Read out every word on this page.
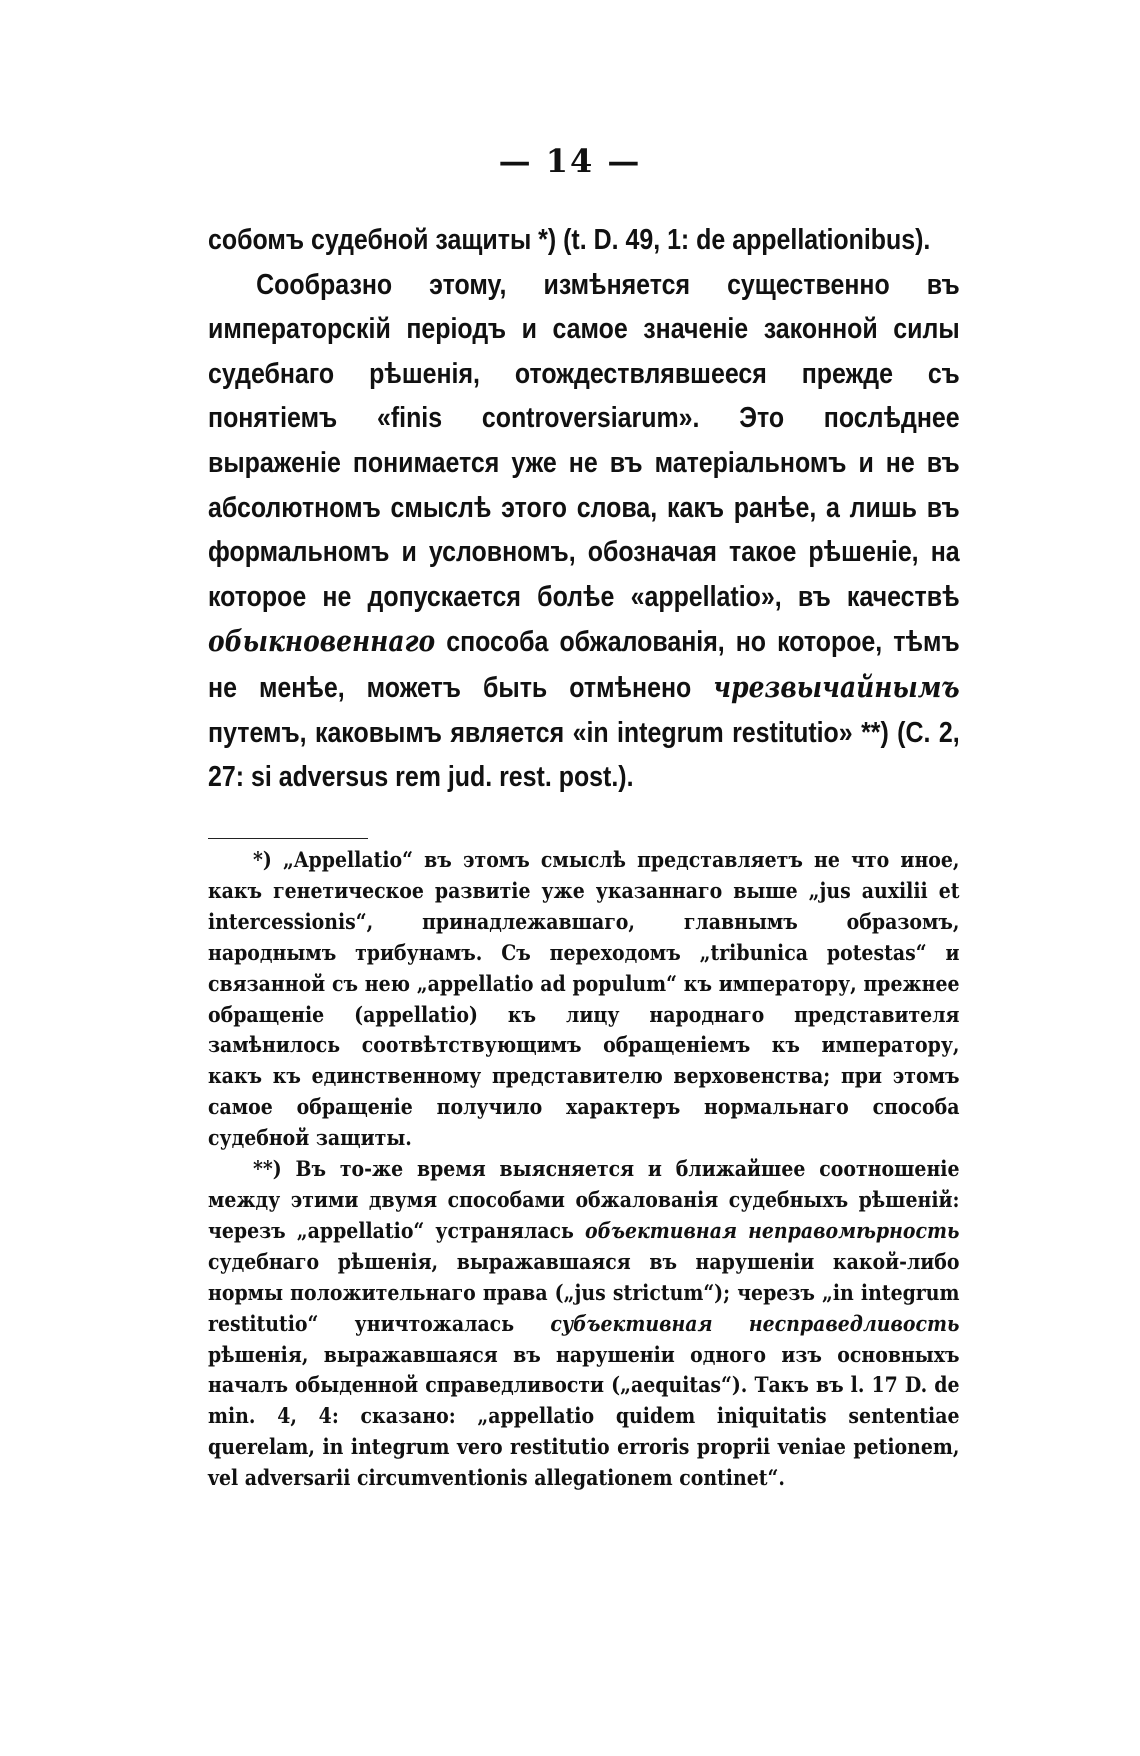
— 14 —

собомъ судебной защиты *) (t. D. 49, 1: de appellationibus).

Сообразно этому, измѣняется существенно въ императорскій періодъ и самое значеніе законной силы судебнаго рѣшенія, отождествлявшееся прежде съ понятіемъ «finis controversiarum». Это послѣднее выраженіе понимается уже не въ матеріальномъ и не въ абсолютномъ смыслѣ этого слова, какъ ранѣе, а лишь въ формальномъ и условномъ, обозначая такое рѣшеніе, на которое не допускается болѣе «appellatio», въ качествѣ обыкновеннаго способа обжалованія, но которое, тѣмъ не менѣе, можетъ быть отмѣнено чрезвычайнымъ путемъ, каковымъ является «in integrum restitutio» **) (C. 2, 27: si adversus rem jud. rest. post.).

*) „Appellatio“ въ этомъ смыслѣ представляетъ не что иное, какъ генетическое развитіе уже указаннаго выше „jus auxilii et intercessionis“, принадлежавшаго, главнымъ образомъ, народнымъ трибунамъ. Съ переходомъ „tribunica potestas“ и связанной съ нею „appellatio ad populum“ къ императору, прежнее обращеніе (appellatio) къ лицу народнаго представителя замѣнилось соотвѣтствующимъ обращеніемъ къ императору, какъ къ единственному представителю верховенства; при этомъ самое обращеніе получило характеръ нормальнаго способа судебной защиты.

**) Въ то-же время выясняется и ближайшее соотношеніе между этими двумя способами обжалованія судебныхъ рѣшеній: черезъ „appellatio“ устранялась объективная неправомѣрность судебнаго рѣшенія, выражавшаяся въ нарушеніи какой-либо нормы положительнаго права („jus strictum“); черезъ „in integrum restitutio“ уничтожалась субъективная несправедливость рѣшенія, выражавшаяся въ нарушеніи одного изъ основныхъ началъ обыденной справедливости („aequitas“). Такъ въ l. 17 D. de min. 4, 4: сказано: „appellatio quidem iniquitatis sententiae querelam, in integrum vero restitutio erroris proprii veniae petionem, vel adversarii circumventionis allegationem continet“.
